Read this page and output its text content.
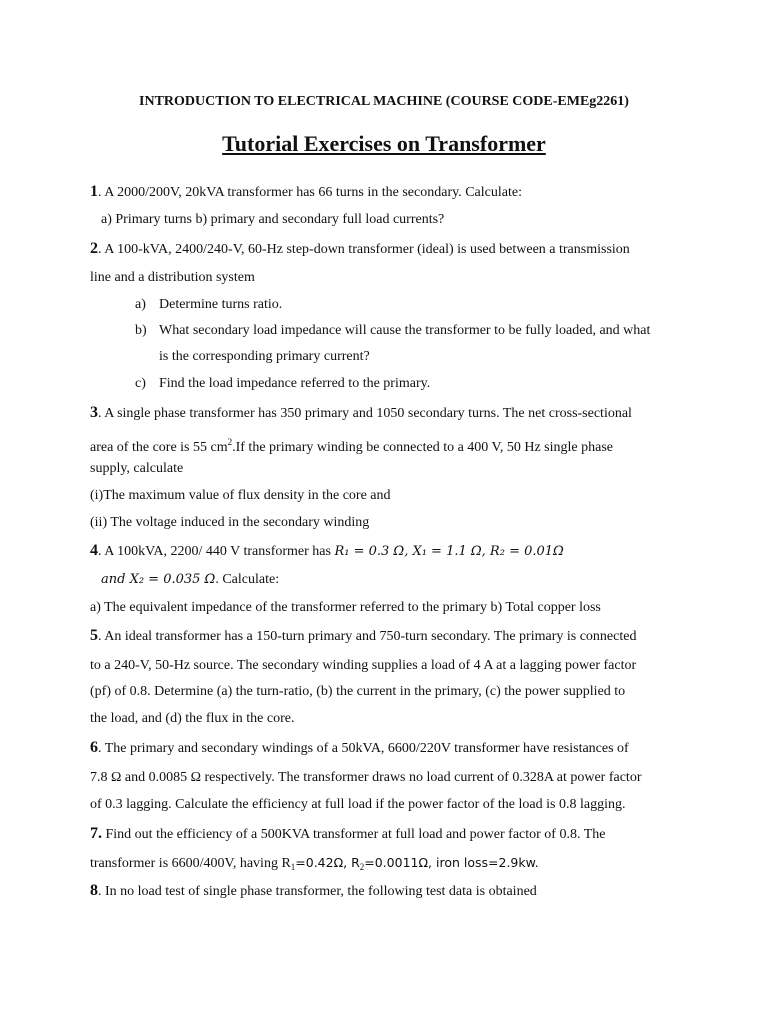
INTRODUCTION TO ELECTRICAL MACHINE (COURSE CODE-EMEg2261)
Tutorial Exercises on Transformer
1. A 2000/200V, 20kVA transformer has 66 turns in the secondary. Calculate:
a) Primary turns b) primary and secondary full load currents?
2. A 100-kVA, 2400/240-V, 60-Hz step-down transformer (ideal) is used between a transmission
line and a distribution system
a) Determine turns ratio.
b) What secondary load impedance will cause the transformer to be fully loaded, and what
is the corresponding primary current?
c) Find the load impedance referred to the primary.
3. A single phase transformer has 350 primary and 1050 secondary turns. The net cross-sectional
area of the core is 55 $cm^2.If$ the primary winding be connected to a 400 V, 50 Hz single phase
supply, calculate
(i)The maximum value of flux density in the core and
(ii) The voltage induced in the secondary winding
4. A 100kVA, 2200/ 440 V transformer has R₁ = 0.3 Ω, X₁ = 1.1 Ω, R₂ = 0.01Ω
and X₂ = 0.035 Ω. Calculate:
a) The equivalent impedance of the transformer referred to the primary b) Total copper loss
5. An ideal transformer has a 150-turn primary and 750-turn secondary. The primary is connected
to a 240-V, 50-Hz source. The secondary winding supplies a load of 4 A at a lagging power factor
(pf) of 0.8. Determine (a) the turn-ratio, (b) the current in the primary, (c) the power supplied to
the load, and (d) the flux in the core.
6. The primary and secondary windings of a 50kVA, 6600/220V transformer have resistances of
7.8 Ω and 0.0085 Ω respectively. The transformer draws no load current of 0.328A at power factor
of 0.3 lagging. Calculate the efficiency at full load if the power factor of the load is 0.8 lagging.
7. Find out the efficiency of a 500KVA transformer at full load and power factor of 0.8. The
transformer is 6600/400V, having $R_1=0.42\Omega$, $R_2=0.0011\Omega$, iron loss=2.9kw.
8. In no load test of single phase transformer, the following test data is obtained
